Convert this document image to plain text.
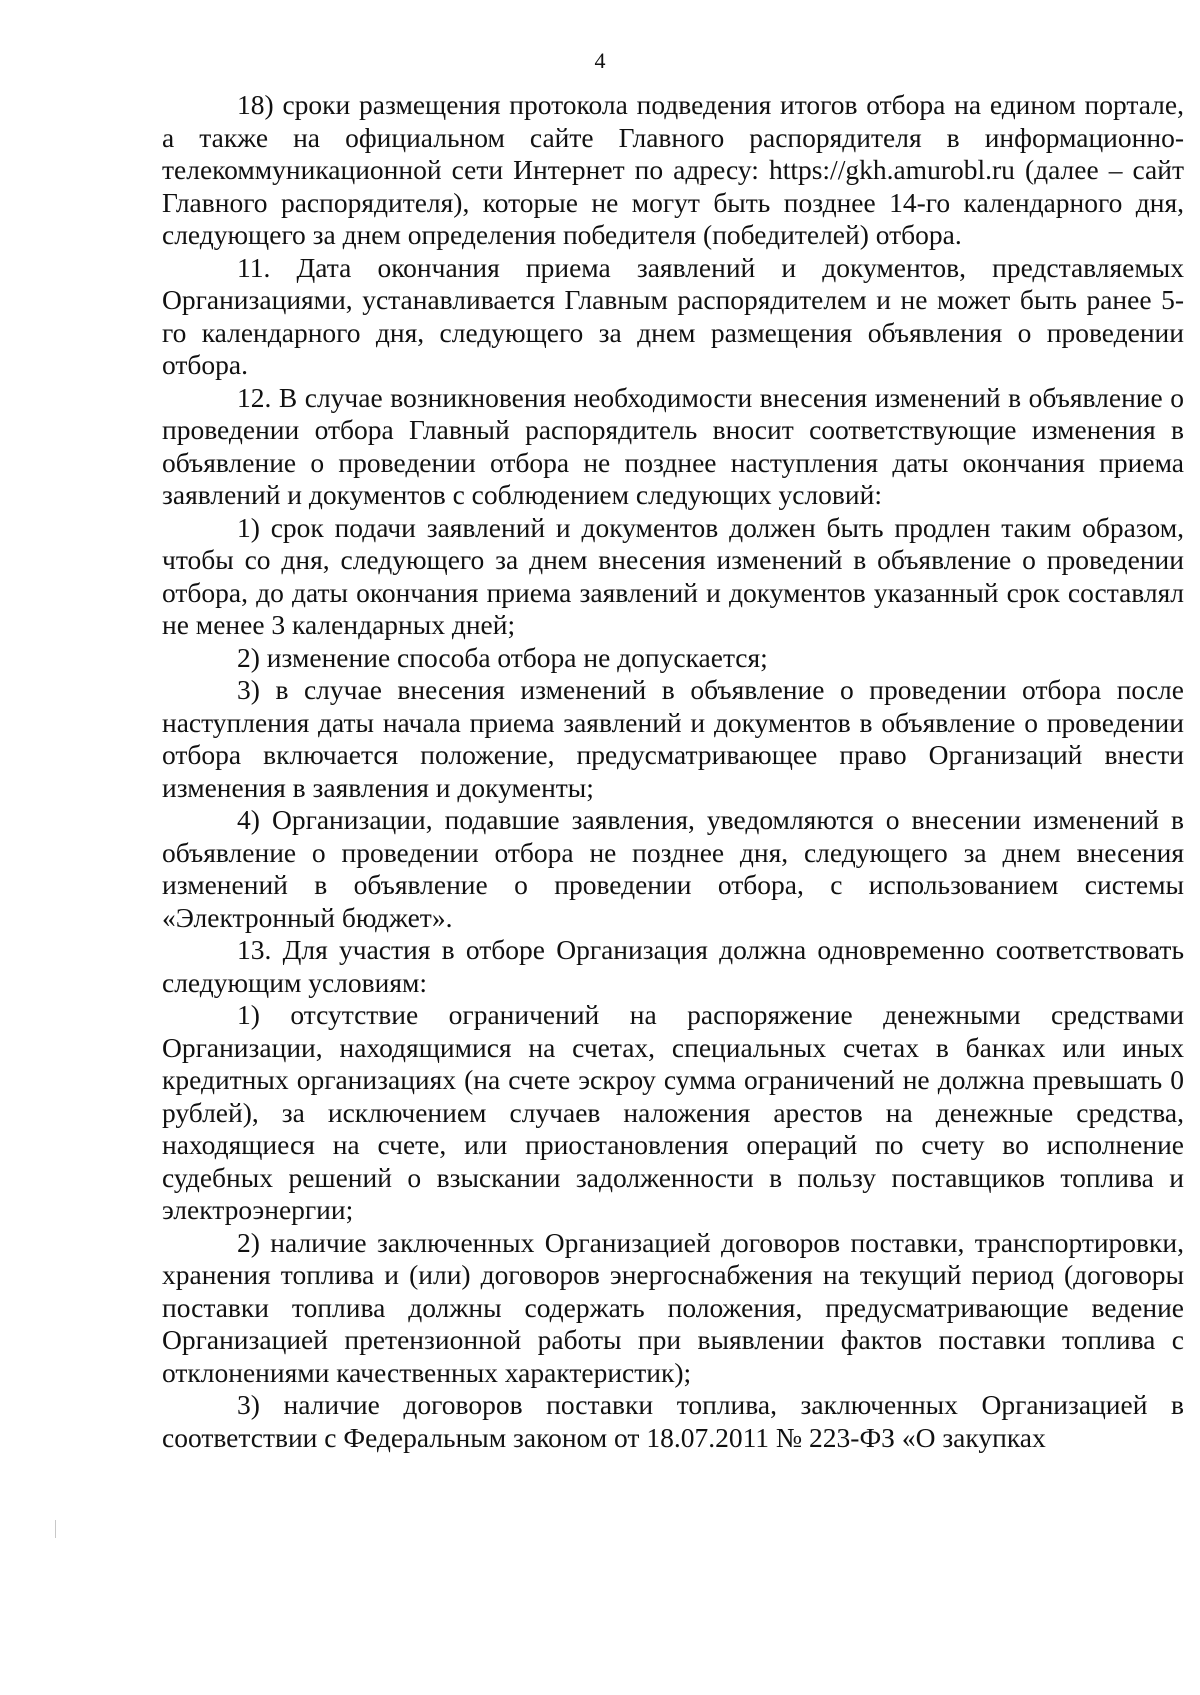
4

18) сроки размещения протокола подведения итогов отбора на едином портале, а также на официальном сайте Главного распорядителя в информационно-телекоммуникационной сети Интернет по адресу: https://gkh.amurobl.ru (далее – сайт Главного распорядителя), которые не могут быть позднее 14-го календарного дня, следующего за днем определения победителя (победителей) отбора.

11. Дата окончания приема заявлений и документов, представляемых Организациями, устанавливается Главным распорядителем и не может быть ранее 5-го календарного дня, следующего за днем размещения объявления о проведении отбора.

12. В случае возникновения необходимости внесения изменений в объявление о проведении отбора Главный распорядитель вносит соответствующие изменения в объявление о проведении отбора не позднее наступления даты окончания приема заявлений и документов с соблюдением следующих условий:

1) срок подачи заявлений и документов должен быть продлен таким образом, чтобы со дня, следующего за днем внесения изменений в объявление о проведении отбора, до даты окончания приема заявлений и документов указанный срок составлял не менее 3 календарных дней;

2) изменение способа отбора не допускается;

3) в случае внесения изменений в объявление о проведении отбора после наступления даты начала приема заявлений и документов в объявление о проведении отбора включается положение, предусматривающее право Организаций внести изменения в заявления и документы;

4) Организации, подавшие заявления, уведомляются о внесении изменений в объявление о проведении отбора не позднее дня, следующего за днем внесения изменений в объявление о проведении отбора, с использованием системы «Электронный бюджет».

13. Для участия в отборе Организация должна одновременно соответствовать следующим условиям:

1) отсутствие ограничений на распоряжение денежными средствами Организации, находящимися на счетах, специальных счетах в банках или иных кредитных организациях (на счете эскроу сумма ограничений не должна превышать 0 рублей), за исключением случаев наложения арестов на денежные средства, находящиеся на счете, или приостановления операций по счету во исполнение судебных решений о взыскании задолженности в пользу поставщиков топлива и электроэнергии;

2) наличие заключенных Организацией договоров поставки, транспортировки, хранения топлива и (или) договоров энергоснабжения на текущий период (договоры поставки топлива должны содержать положения, предусматривающие ведение Организацией претензионной работы при выявлении фактов поставки топлива с отклонениями качественных характеристик);

3) наличие договоров поставки топлива, заключенных Организацией в соответствии с Федеральным законом от 18.07.2011 № 223-ФЗ «О закупках
